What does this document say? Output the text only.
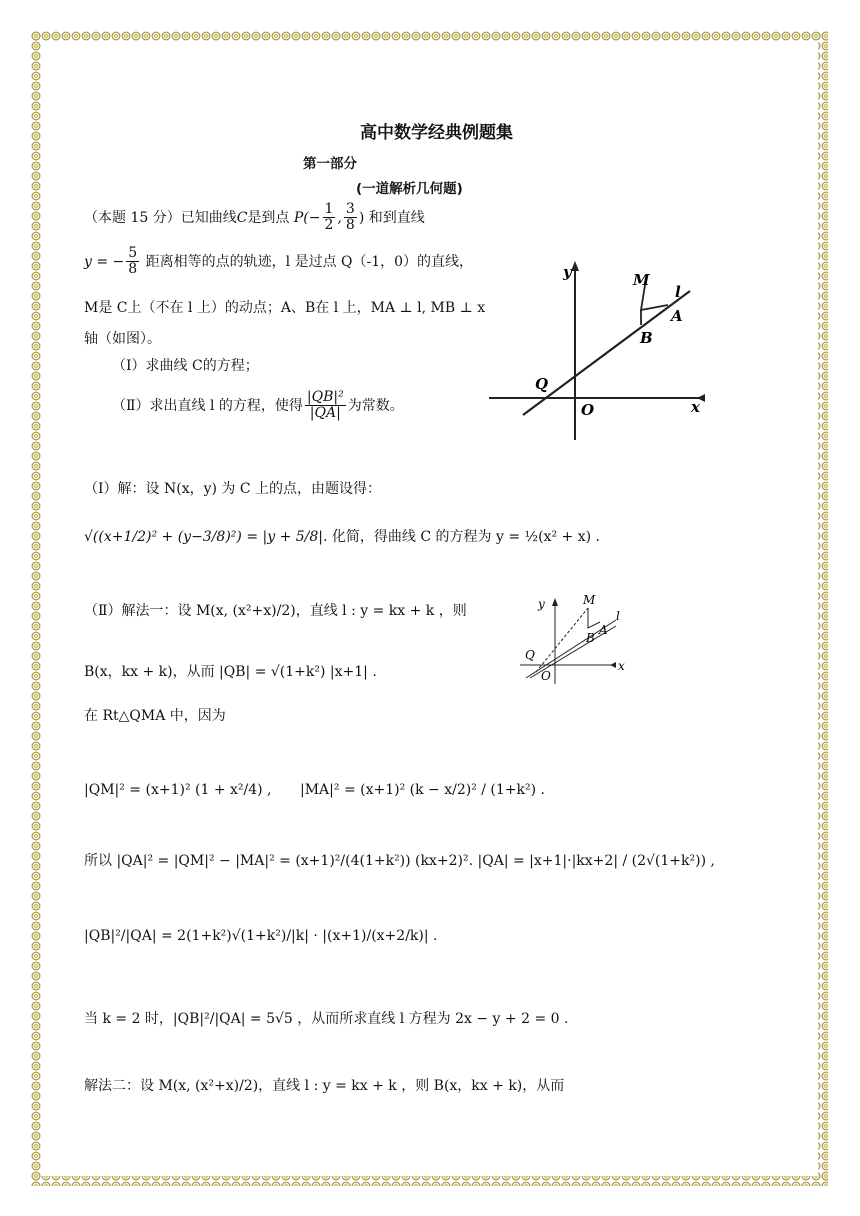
高中数学经典例题集
第一部分
(一道解析几何题)
（本题 15 分）已知曲线C是到点 $P(- \frac{1}{2}$ , $\frac{3}{8}$ ) 和到直线
y = − $\frac{5}{8}$ 距离相等的点的轨迹，l 是过点 Q（-1，0）的直线，
M是 C上（不在 l 上）的动点；A、B在 l 上，MA ⊥ l, MB ⊥ x
轴（如图）。
（Ⅰ）求曲线 C的方程；
（Ⅱ）求出直线 l 的方程，使得 $\frac{\text{|QB|²}}{|QA|}$ 为常数。
y
x
M
l
A
B
Q
O
（Ⅰ）解：设 N(x，y) 为 C 上的点，由题设得：
√((x+1/2)² + (y−3/8)²) = |y + 5/8|. 化简，得曲线 C 的方程为 y = ½(x² + x) .
y
x
M
l
A
B
Q
O
（Ⅱ）解法一：设 M(x, (x²+x)/2)，直线 l : y = kx + k ，则
B(x，kx + k)，从而 |QB| = √(1+k²) |x+1| .
在 Rt△QMA 中，因为
|QM|² = (x+1)² (1 + x²/4) , |MA|² = (x+1)² (k − x/2)² / (1+k²) .
所以 |QA|² = |QM|² − |MA|² = (x+1)²/(4(1+k²)) (kx+2)². |QA| = |x+1|·|kx+2| / (2√(1+k²)) ,
|QB|²/|QA| = 2(1+k²)√(1+k²)/|k| · |(x+1)/(x+2/k)| .
当 k = 2 时，|QB|²/|QA| = 5√5 ，从而所求直线 l 方程为 2x − y + 2 = 0 .
解法二：设 M(x, (x²+x)/2)，直线 l : y = kx + k ，则 B(x，kx + k)，从而
